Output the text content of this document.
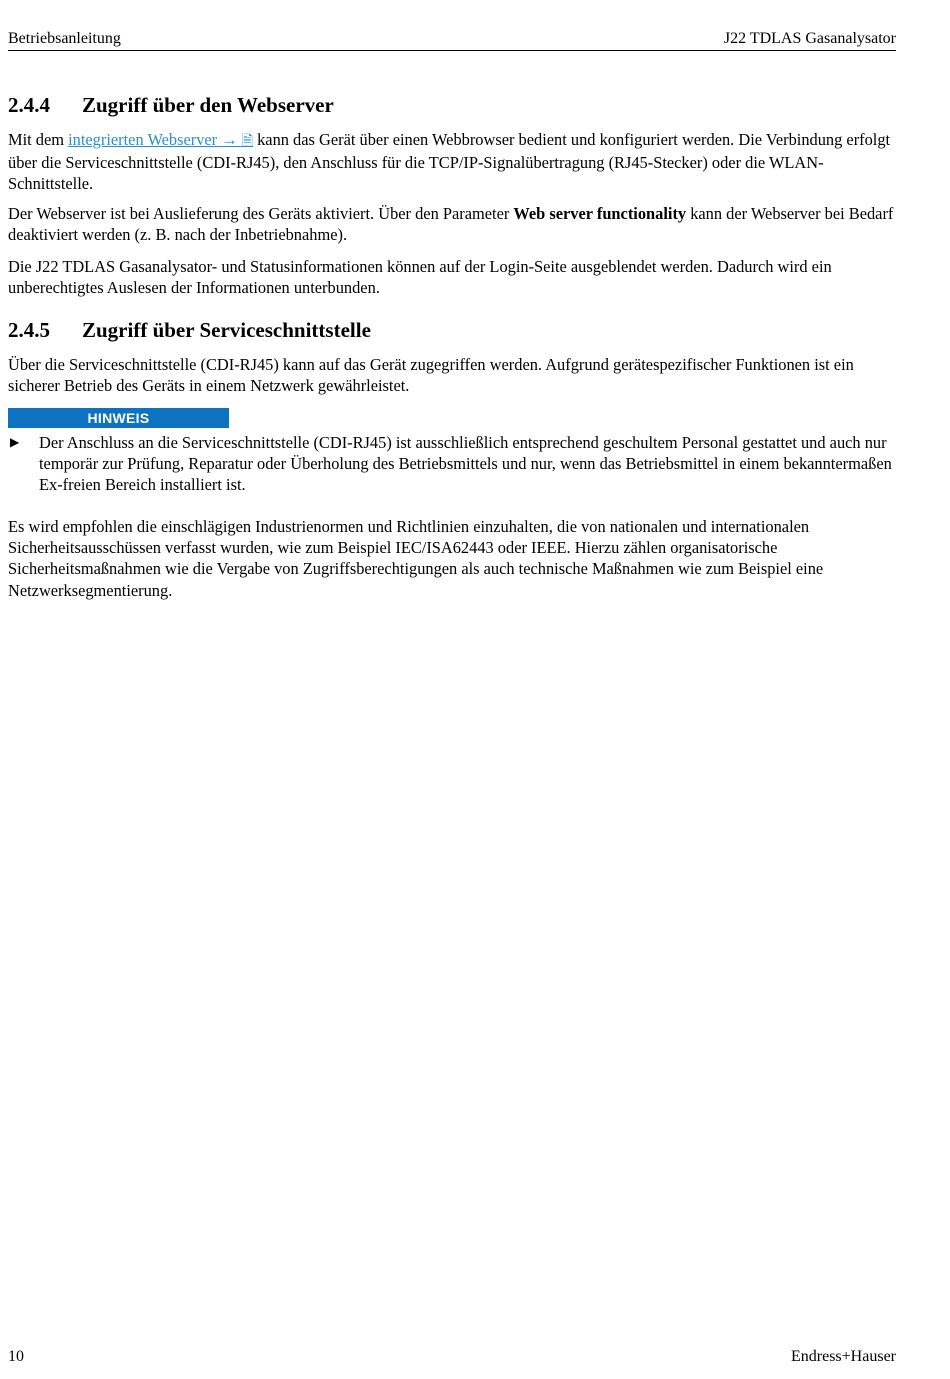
Betriebsanleitung	J22 TDLAS Gasanalysator
2.4.4 Zugriff über den Webserver

Mit dem integrierten Webserver → 🗎 kann das Gerät über einen Webbrowser bedient und konfiguriert werden. Die Verbindung erfolgt über die Serviceschnittstelle (CDI-RJ45), den Anschluss für die TCP/IP-Signalübertragung (RJ45-Stecker) oder die WLAN-Schnittstelle.

Der Webserver ist bei Auslieferung des Geräts aktiviert. Über den Parameter Web server functionality kann der Webserver bei Bedarf deaktiviert werden (z. B. nach der Inbetriebnahme).

Die J22 TDLAS Gasanalysator- und Statusinformationen können auf der Login-Seite ausgeblendet werden. Dadurch wird ein unberechtigtes Auslesen der Informationen unterbunden.

2.4.5 Zugriff über Serviceschnittstelle

Über die Serviceschnittstelle (CDI-RJ45) kann auf das Gerät zugegriffen werden. Aufgrund gerätespezifischer Funktionen ist ein sicherer Betrieb des Geräts in einem Netzwerk gewährleistet.

HINWEIS
▶ Der Anschluss an die Serviceschnittstelle (CDI-RJ45) ist ausschließlich entsprechend geschultem Personal gestattet und auch nur temporär zur Prüfung, Reparatur oder Überholung des Betriebsmittels und nur, wenn das Betriebsmittel in einem bekanntermaßen Ex-freien Bereich installiert ist.

Es wird empfohlen die einschlägigen Industrienormen und Richtlinien einzuhalten, die von nationalen und internationalen Sicherheitsausschüssen verfasst wurden, wie zum Beispiel IEC/ISA62443 oder IEEE. Hierzu zählen organisatorische Sicherheitsmaßnahmen wie die Vergabe von Zugriffsberechtigungen als auch technische Maßnahmen wie zum Beispiel eine Netzwerksegmentierung.

10	Endress+Hauser
